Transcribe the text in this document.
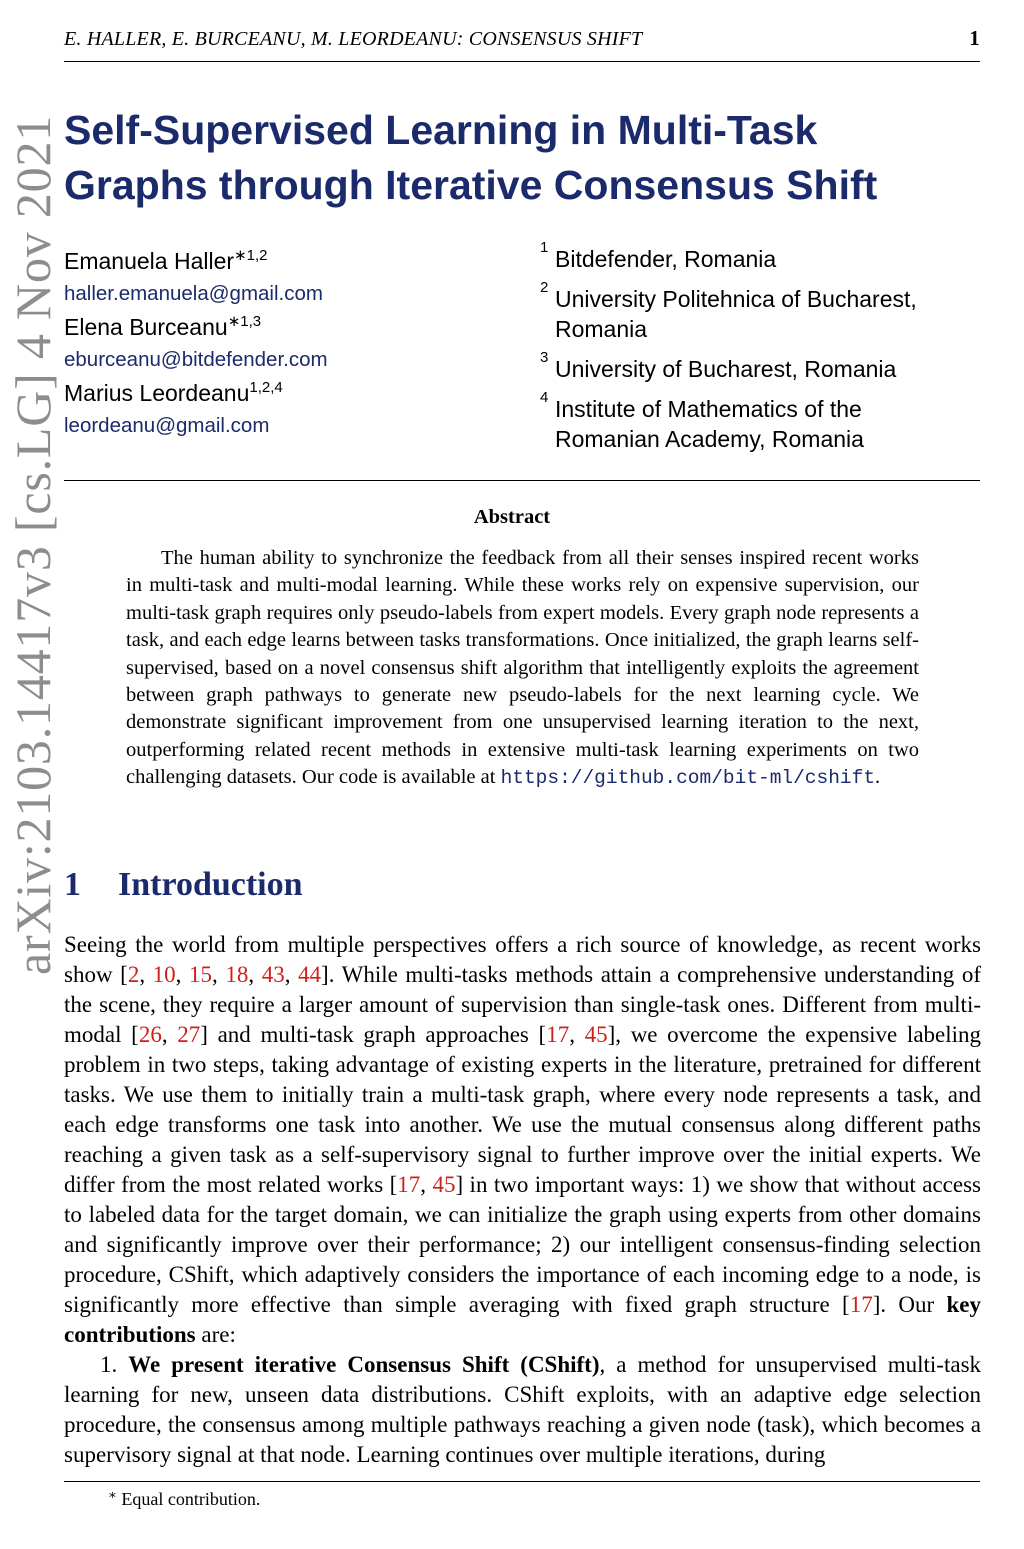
E. HALLER, E. BURCEANU, M. LEORDEANU: CONSENSUS SHIFT	1
arXiv:2103.14417v3 [cs.LG] 4 Nov 2021 Self-Supervised Learning in Multi-Task
Graphs through Iterative Consensus Shift
Emanuela Haller$^{∗1,2}$
haller.emanuela@gmail.com
Elena Burceanu$^{∗1,3}$
eburceanu@bitdefender.com
Marius Leordeanu$^{1,2,4}$
leordeanu@gmail.com
1 Bitdefender, Romania
2 University Politehnica of Bucharest, Romania
3 University of Bucharest, Romania
4 Institute of Mathematics of the Romanian Academy, Romania
Abstract
The human ability to synchronize the feedback from all their senses inspired recent works in multi-task and multi-modal learning. While these works rely on expensive supervision, our multi-task graph requires only pseudo-labels from expert models. Every graph node represents a task, and each edge learns between tasks transformations. Once initialized, the graph learns self-supervised, based on a novel consensus shift algorithm that intelligently exploits the agreement between graph pathways to generate new pseudo-labels for the next learning cycle. We demonstrate significant improvement from one unsupervised learning iteration to the next, outperforming related recent methods in extensive multi-task learning experiments on two challenging datasets. Our code is available at https://github.com/bit-ml/cshift.
1 Introduction

Seeing the world from multiple perspectives offers a rich source of knowledge, as recent works show [2, 10, 15, 18, 43, 44]. While multi-tasks methods attain a comprehensive understanding of the scene, they require a larger amount of supervision than single-task ones. Different from multi-modal [26, 27] and multi-task graph approaches [17, 45], we overcome the expensive labeling problem in two steps, taking advantage of existing experts in the literature, pretrained for different tasks. We use them to initially train a multi-task graph, where every node represents a task, and each edge transforms one task into another. We use the mutual consensus along different paths reaching a given task as a self-supervisory signal to further improve over the initial experts. We differ from the most related works [17, 45] in two important ways: 1) we show that without access to labeled data for the target domain, we can initialize the graph using experts from other domains and significantly improve over their performance; 2) our intelligent consensus-finding selection procedure, CShift, which adaptively considers the importance of each incoming edge to a node, is significantly more effective than simple averaging with fixed graph structure [17]. Our key contributions are:

1. We present iterative Consensus Shift (CShift), a method for unsupervised multi-task learning for new, unseen data distributions. CShift exploits, with an adaptive edge selection procedure, the consensus among multiple pathways reaching a given node (task), which becomes a supervisory signal at that node. Learning continues over multiple iterations, during

∗ Equal contribution.
